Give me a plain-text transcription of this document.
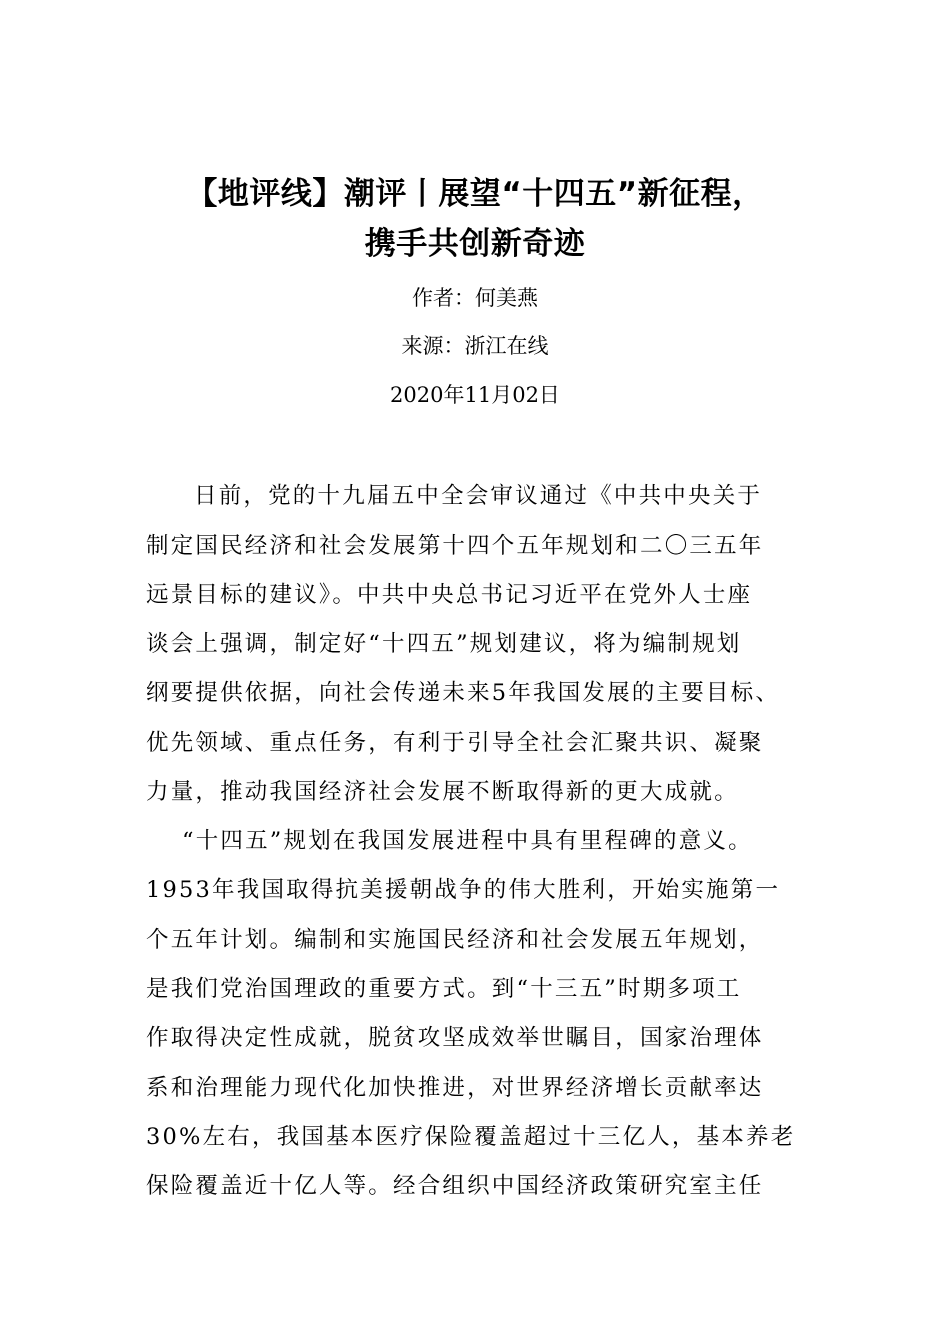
【地评线】潮评丨展望“十四五”新征程，
携手共创新奇迹
作者：何美燕
来源：浙江在线
2020年11月02日
日前，党的十九届五中全会审议通过《中共中央关于
制定国民经济和社会发展第十四个五年规划和二〇三五年
远景目标的建议》。中共中央总书记习近平在党外人士座
谈会上强调，制定好“十四五”规划建议，将为编制规划
纲要提供依据，向社会传递未来5年我国发展的主要目标、
优先领域、重点任务，有利于引导全社会汇聚共识、凝聚
力量，推动我国经济社会发展不断取得新的更大成就。
“十四五”规划在我国发展进程中具有里程碑的意义。
1953年我国取得抗美援朝战争的伟大胜利，开始实施第一
个五年计划。编制和实施国民经济和社会发展五年规划，
是我们党治国理政的重要方式。到“十三五”时期多项工
作取得决定性成就，脱贫攻坚成效举世瞩目，国家治理体
系和治理能力现代化加快推进，对世界经济增长贡献率达
30%左右，我国基本医疗保险覆盖超过十三亿人，基本养老
保险覆盖近十亿人等。经合组织中国经济政策研究室主任
